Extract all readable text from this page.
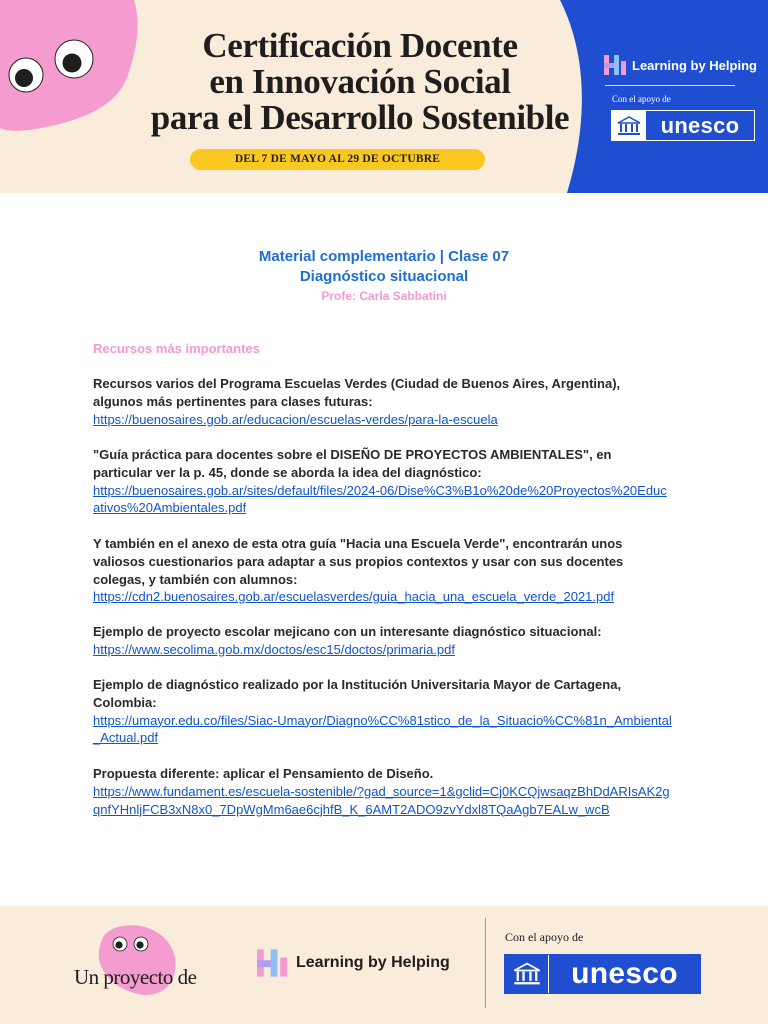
Certificación Docente
en Innovación Social
para el Desarrollo Sostenible
DEL 7 DE MAYO AL 29 DE OCTUBRE
Learning by Helping
Con el apoyo de
unesco
Material complementario | Clase 07
Diagnóstico situacional
Profe: Carla Sabbatini
Recursos más importantes
Recursos varios del Programa Escuelas Verdes (Ciudad de Buenos Aires, Argentina), algunos más pertinentes para clases futuras:
https://buenosaires.gob.ar/educacion/escuelas-verdes/para-la-escuela
"Guía práctica para docentes sobre el DISEÑO DE PROYECTOS AMBIENTALES", en particular ver la p. 45, donde se aborda la idea del diagnóstico:
https://buenosaires.gob.ar/sites/default/files/2024-06/Dise%C3%B1o%20de%20Proyectos%20Educativos%20Ambientales.pdf
Y también en el anexo de esta otra guía "Hacia una Escuela Verde", encontrarán unos valiosos cuestionarios para adaptar a sus propios contextos y usar con sus docentes colegas, y también con alumnos:
https://cdn2.buenosaires.gob.ar/escuelasverdes/guia_hacia_una_escuela_verde_2021.pdf
Ejemplo de proyecto escolar mejicano con un interesante diagnóstico situacional:
https://www.secolima.gob.mx/doctos/esc15/doctos/primaria.pdf
Ejemplo de diagnóstico realizado por la Institución Universitaria Mayor de Cartagena, Colombia:
https://umayor.edu.co/files/Siac-Umayor/Diagno%CC%81stico_de_la_Situacio%CC%81n_Ambiental_Actual.pdf
Propuesta diferente: aplicar el Pensamiento de Diseño.
https://www.fundament.es/escuela-sostenible/?gad_source=1&gclid=Cj0KCQjwsaqzBhDdARIsAK2gqnfYHnljFCB3xN8x0_7DpWgMm6ae6cjhfB_K_6AMT2ADO9zvYdxl8TQaAgb7EALw_wcB
Un proyecto de
Learning by Helping
Con el apoyo de
unesco
